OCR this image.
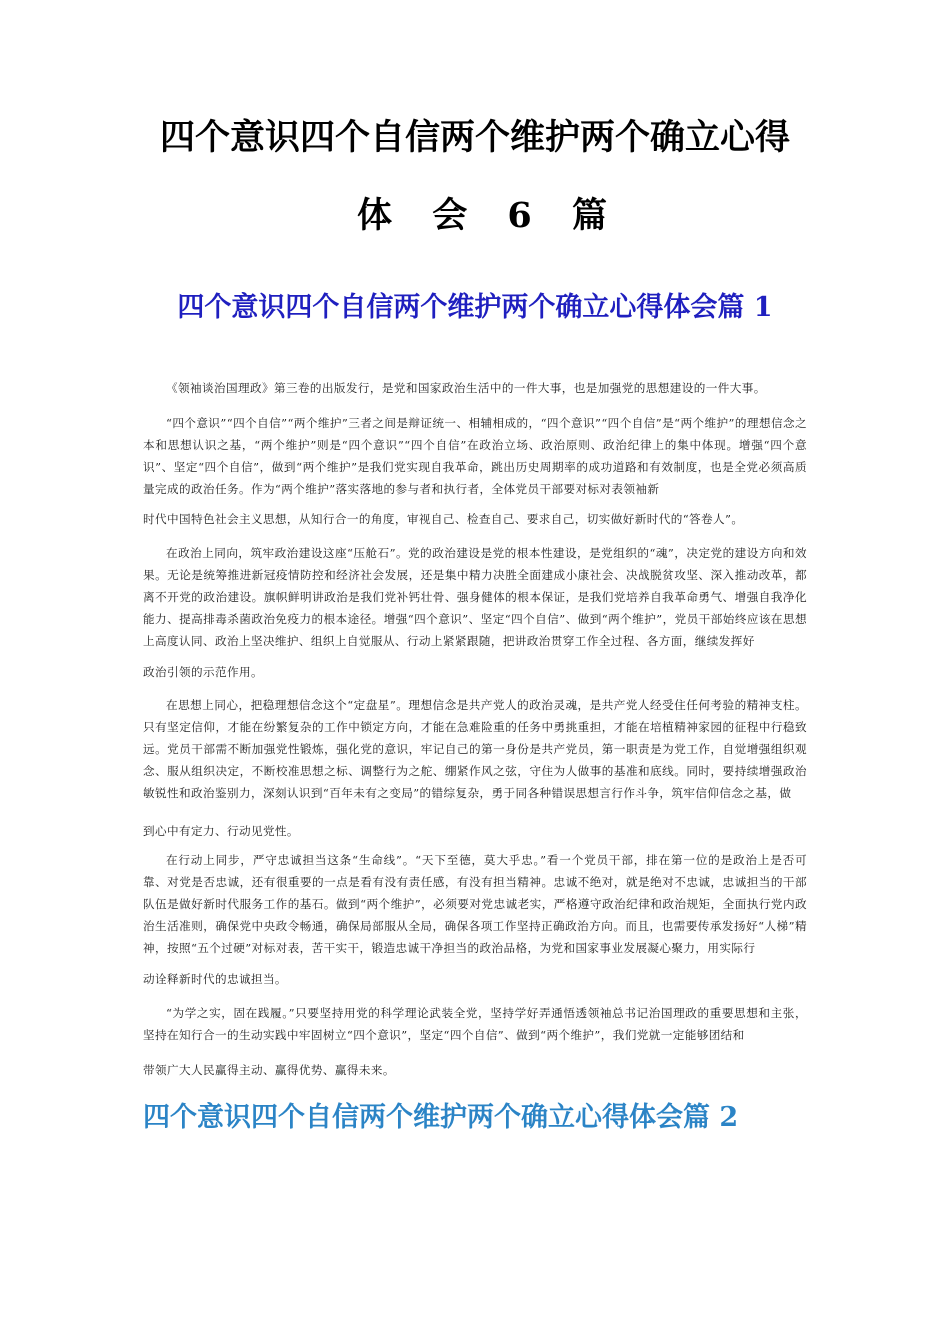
四个意识四个自信两个维护两个确立心得
体 会 6 篇
四个意识四个自信两个维护两个确立心得体会篇 1
《领袖谈治国理政》第三卷的出版发行，是党和国家政治生活中的一件大事，也是加强党的思想建设的一件大事。
“四个意识”“四个自信”“两个维护”三者之间是辩证统一、相辅相成的，“四个意识”“四个自信”是“两个维护”的理想信念之本和思想认识之基，“两个维护”则是“四个意识”“四个自信”在政治立场、政治原则、政治纪律上的集中体现。增强“四个意识”、坚定“四个自信”，做到“两个维护”是我们党实现自我革命，跳出历史周期率的成功道路和有效制度，也是全党必须高质量完成的政治任务。作为“两个维护”落实落地的参与者和执行者，全体党员干部要对标对表领袖新
时代中国特色社会主义思想，从知行合一的角度，审视自己、检查自己、要求自己，切实做好新时代的“答卷人”。
在政治上同向，筑牢政治建设这座“压舱石”。党的政治建设是党的根本性建设，是党组织的“魂”，决定党的建设方向和效果。无论是统筹推进新冠疫情防控和经济社会发展，还是集中精力决胜全面建成小康社会、决战脱贫攻坚、深入推动改革，都离不开党的政治建设。旗帜鲜明讲政治是我们党补钙壮骨、强身健体的根本保证，是我们党培养自我革命勇气、增强自我净化能力、提高排毒杀菌政治免疫力的根本途径。增强“四个意识”、坚定“四个自信”、做到“两个维护”，党员干部始终应该在思想上高度认同、政治上坚决维护、组织上自觉服从、行动上紧紧跟随，把讲政治贯穿工作全过程、各方面，继续发挥好
政治引领的示范作用。
在思想上同心，把稳理想信念这个“定盘星”。理想信念是共产党人的政治灵魂，是共产党人经受住任何考验的精神支柱。只有坚定信仰，才能在纷繁复杂的工作中锁定方向，才能在急难险重的任务中勇挑重担，才能在培植精神家园的征程中行稳致远。党员干部需不断加强党性锻炼，强化党的意识，牢记自己的第一身份是共产党员，第一职责是为党工作，自觉增强组织观念、服从组织决定，不断校准思想之标、调整行为之舵、绷紧作风之弦，守住为人做事的基准和底线。同时，要持续增强政治敏锐性和政治鉴别力，深刻认识到“百年未有之变局”的错综复杂，勇于同各种错误思想言行作斗争，筑牢信仰信念之基，做
到心中有定力、行动见党性。
在行动上同步，严守忠诚担当这条“生命线”。“天下至德，莫大乎忠。”看一个党员干部，排在第一位的是政治上是否可靠、对党是否忠诚，还有很重要的一点是看有没有责任感，有没有担当精神。忠诚不绝对，就是绝对不忠诚，忠诚担当的干部队伍是做好新时代服务工作的基石。做到“两个维护”，必须要对党忠诚老实，严格遵守政治纪律和政治规矩，全面执行党内政治生活准则，确保党中央政令畅通，确保局部服从全局，确保各项工作坚持正确政治方向。而且，也需要传承发扬好“人梯”精神，按照“五个过硬”对标对表，苦干实干，锻造忠诚干净担当的政治品格，为党和国家事业发展凝心聚力，用实际行
动诠释新时代的忠诚担当。
“为学之实，固在践履。”只要坚持用党的科学理论武装全党，坚持学好弄通悟透领袖总书记治国理政的重要思想和主张，坚持在知行合一的生动实践中牢固树立“四个意识”，坚定“四个自信”、做到“两个维护”，我们党就一定能够团结和
带领广大人民赢得主动、赢得优势、赢得未来。
四个意识四个自信两个维护两个确立心得体会篇 2
